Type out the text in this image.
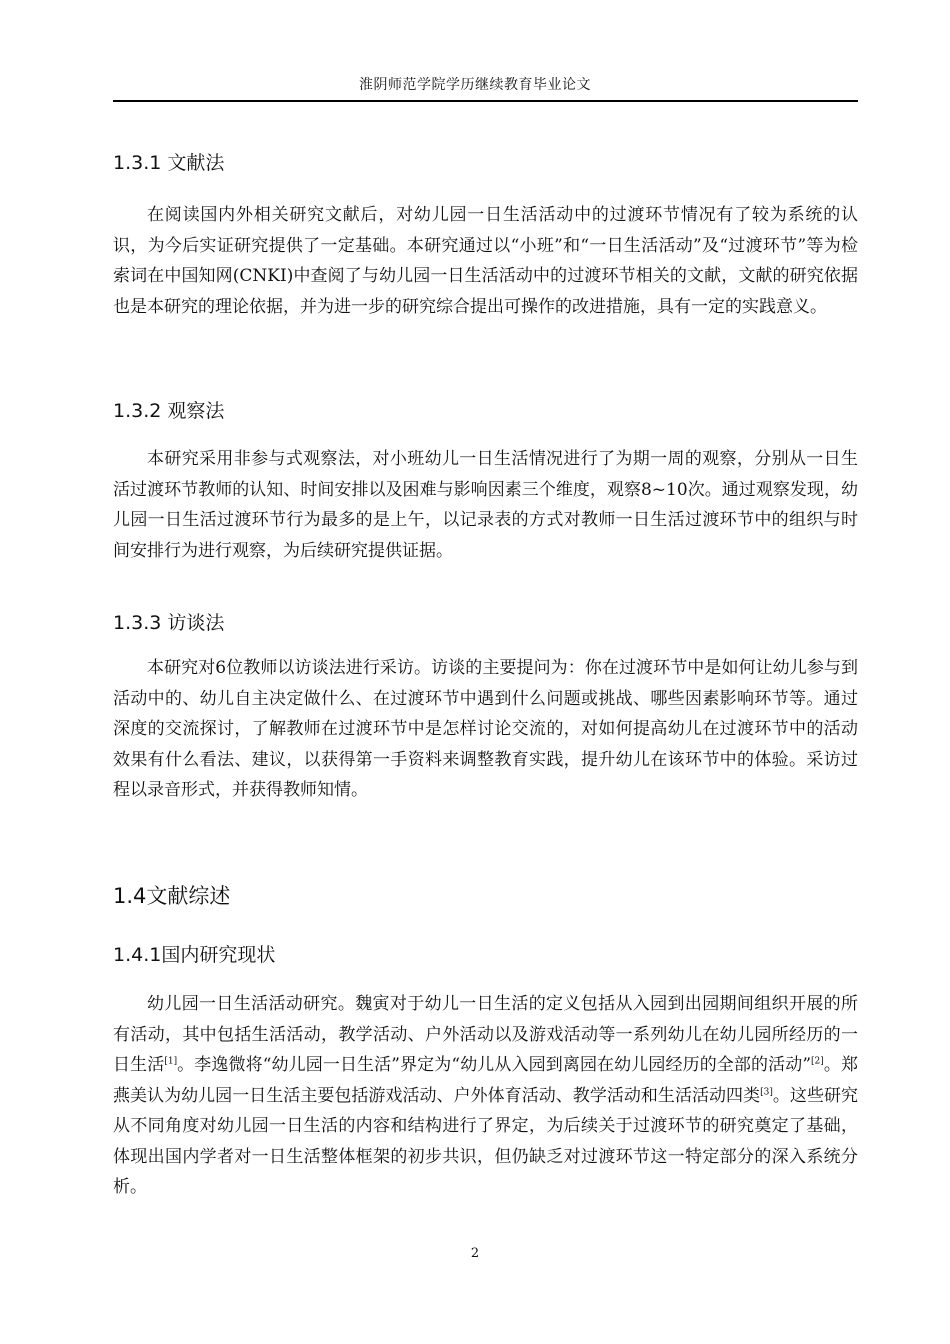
淮阴师范学院学历继续教育毕业论文
1.3.1 文献法

在阅读国内外相关研究文献后，对幼儿园一日生活活动中的过渡环节情况有了较为系统的认识，为今后实证研究提供了一定基础。本研究通过以“小班”和“一日生活活动”及“过渡环节”等为检索词在中国知网(CNKI)中查阅了与幼儿园一日生活活动中的过渡环节相关的文献，文献的研究依据也是本研究的理论依据，并为进一步的研究综合提出可操作的改进措施，具有一定的实践意义。

1.3.2 观察法

本研究采用非参与式观察法，对小班幼儿一日生活情况进行了为期一周的观察，分别从一日生活过渡环节教师的认知、时间安排以及困难与影响因素三个维度，观察8~10次。通过观察发现，幼儿园一日生活过渡环节行为最多的是上午，以记录表的方式对教师一日生活过渡环节中的组织与时间安排行为进行观察，为后续研究提供证据。

1.3.3 访谈法

本研究对6位教师以访谈法进行采访。访谈的主要提问为：你在过渡环节中是如何让幼儿参与到活动中的、幼儿自主决定做什么、在过渡环节中遇到什么问题或挑战、哪些因素影响环节等。通过深度的交流探讨，了解教师在过渡环节中是怎样讨论交流的，对如何提高幼儿在过渡环节中的活动效果有什么看法、建议，以获得第一手资料来调整教育实践，提升幼儿在该环节中的体验。采访过程以录音形式，并获得教师知情。

1.4文献综述
1.4.1国内研究现状

幼儿园一日生活活动研究。魏寅对于幼儿一日生活的定义包括从入园到出园期间组织开展的所有活动，其中包括生活活动，教学活动、户外活动以及游戏活动等一系列幼儿在幼儿园所经历的一日生活[1]。李逸微将“幼儿园一日生活”界定为“幼儿从入园到离园在幼儿园经历的全部的活动”[2]。郑燕美认为幼儿园一日生活主要包括游戏活动、户外体育活动、教学活动和生活活动四类[3]。这些研究从不同角度对幼儿园一日生活的内容和结构进行了界定，为后续关于过渡环节的研究奠定了基础，体现出国内学者对一日生活整体框架的初步共识，但仍缺乏对过渡环节这一特定部分的深入系统分析。

2
